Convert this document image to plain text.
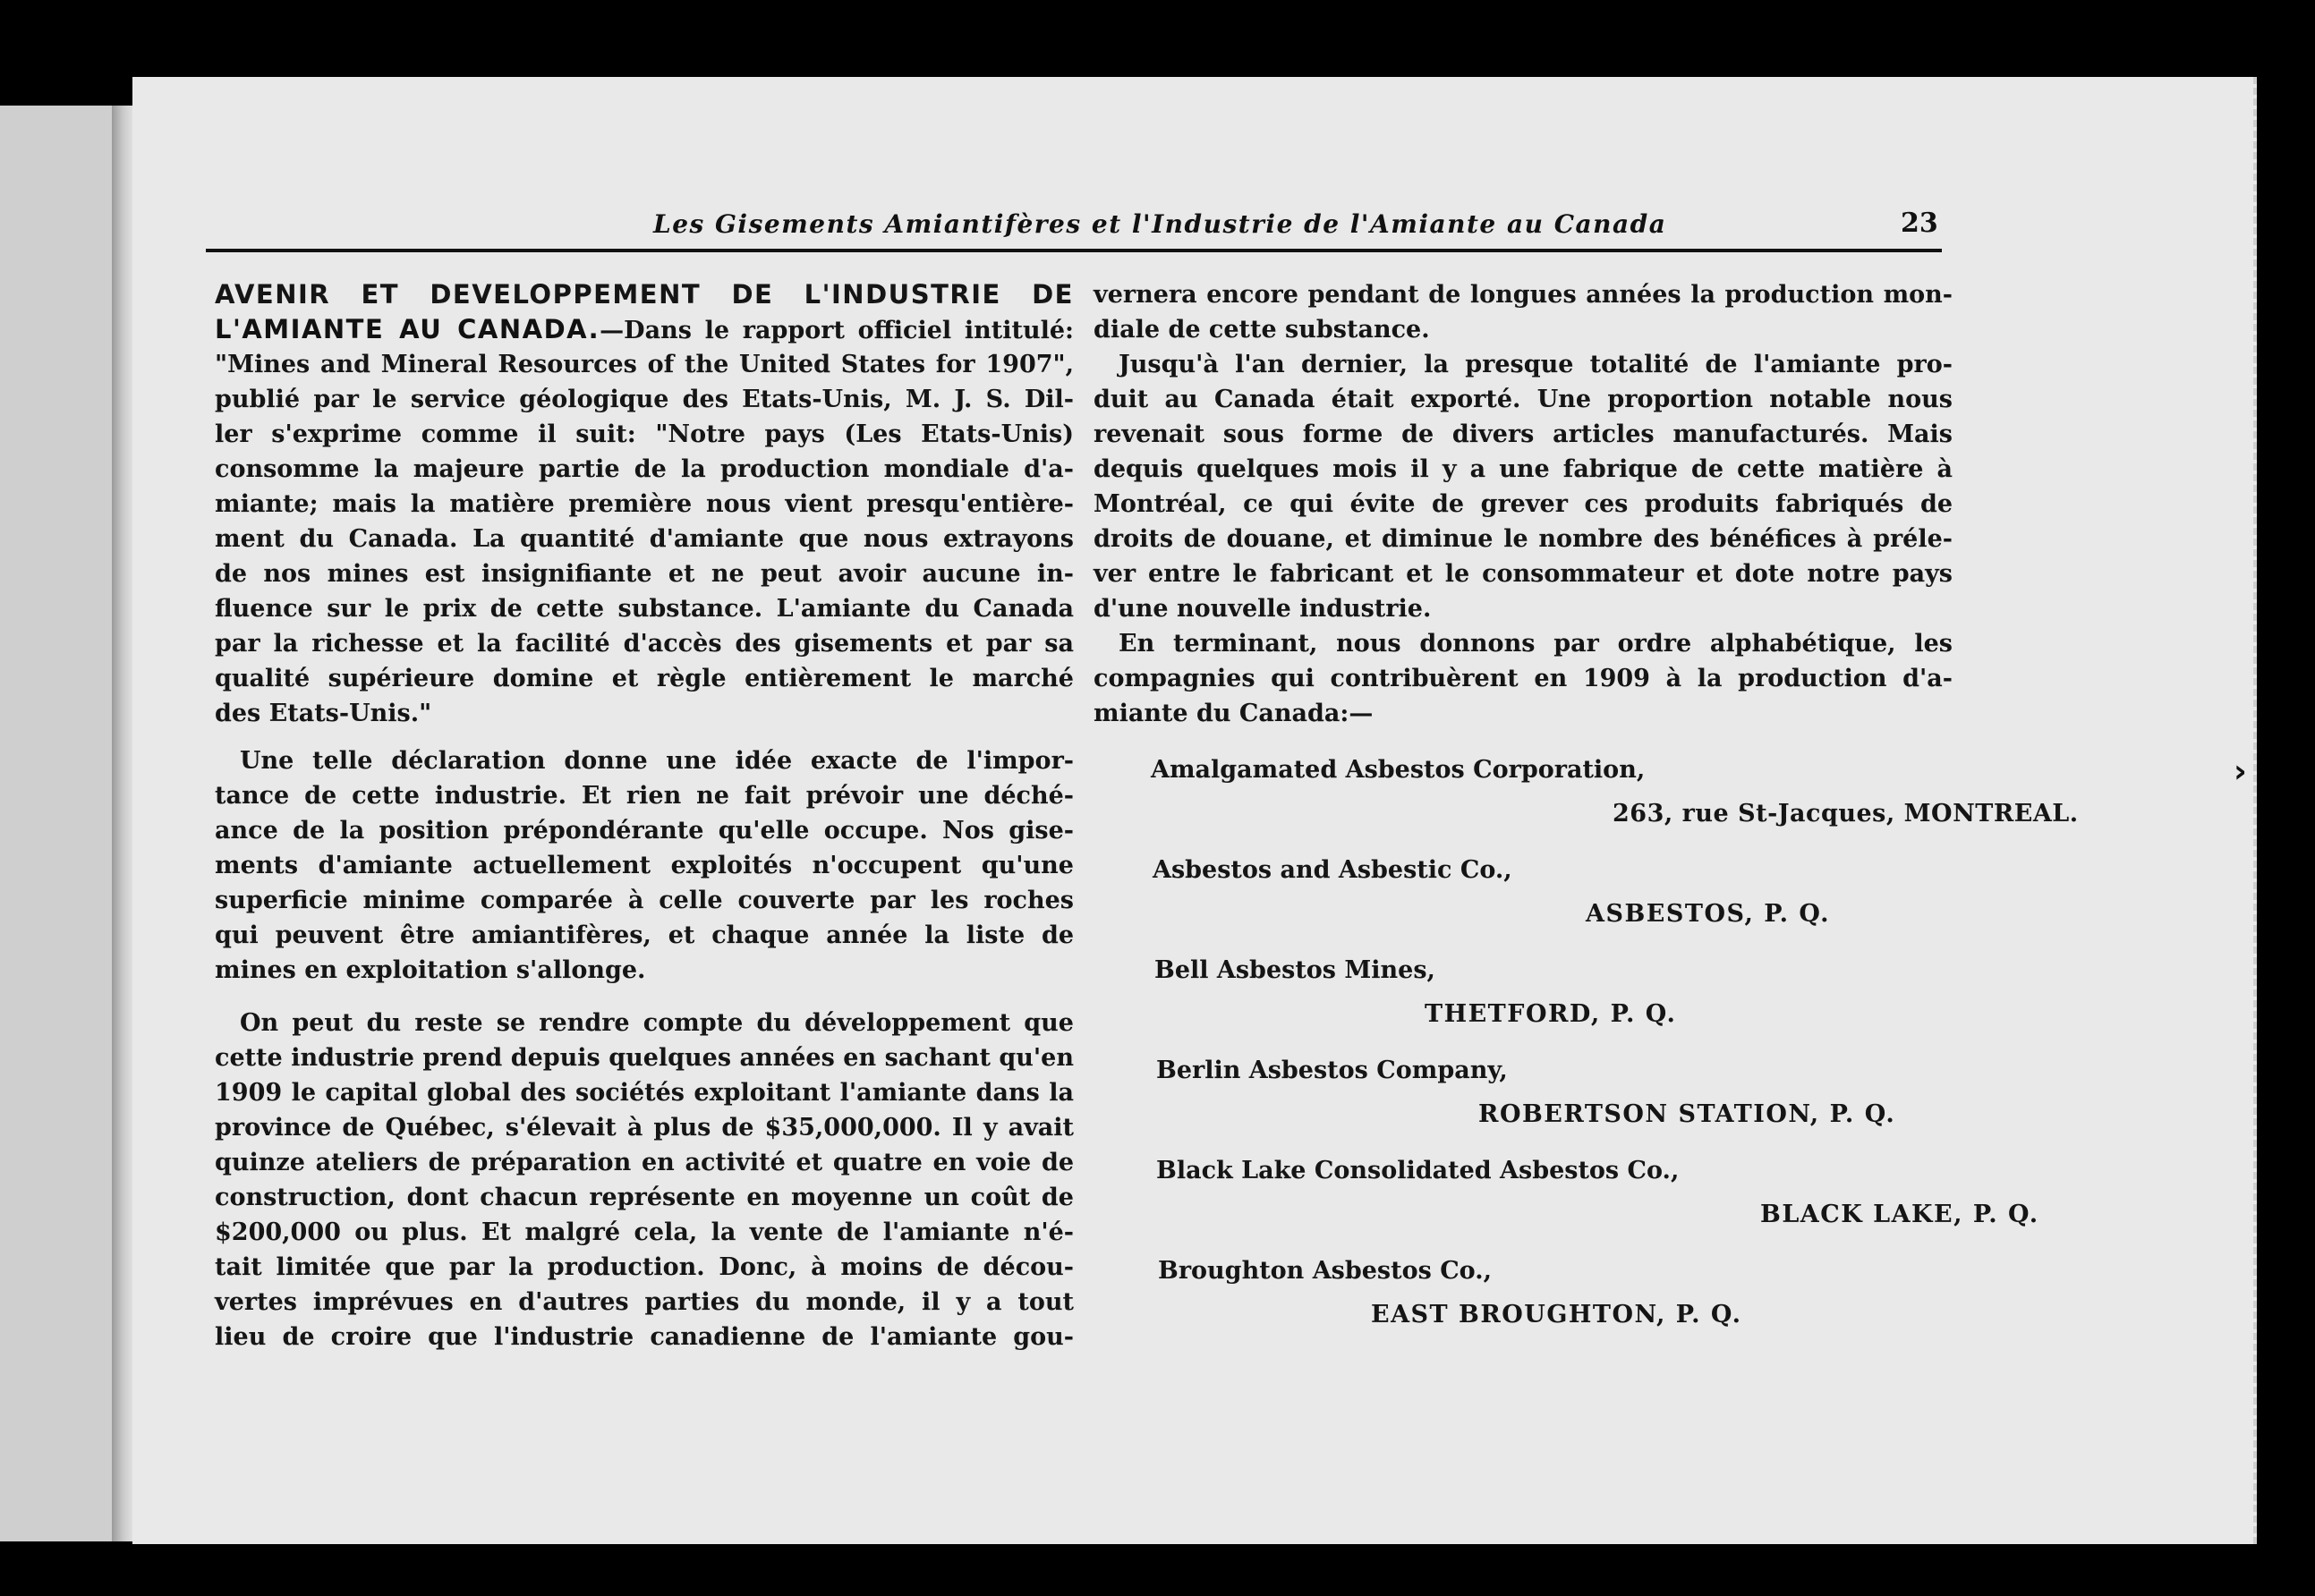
Les Gisements Amiantifères et l'Industrie de l'Amiante au Canada	23
AVENIR ET DEVELOPPEMENT DE L'INDUSTRIE DE
L'AMIANTE AU CANADA.—Dans le rapport officiel intitulé:
"Mines and Mineral Resources of the United States for 1907",
publié par le service géologique des Etats-Unis, M. J. S. Dil-
ler s'exprime comme il suit: "Notre pays (Les Etats-Unis)
consomme la majeure partie de la production mondiale d'a-
miante; mais la matière première nous vient presqu'entière-
ment du Canada. La quantité d'amiante que nous extrayons
de nos mines est insignifiante et ne peut avoir aucune in-
fluence sur le prix de cette substance. L'amiante du Canada
par la richesse et la facilité d'accès des gisements et par sa
qualité supérieure domine et règle entièrement le marché
des Etats-Unis."
Une telle déclaration donne une idée exacte de l'impor-
tance de cette industrie. Et rien ne fait prévoir une déché-
ance de la position prépondérante qu'elle occupe. Nos gise-
ments d'amiante actuellement exploités n'occupent qu'une
superficie minime comparée à celle couverte par les roches
qui peuvent être amiantifères, et chaque année la liste de
mines en exploitation s'allonge.
On peut du reste se rendre compte du développement que
cette industrie prend depuis quelques années en sachant qu'en
1909 le capital global des sociétés exploitant l'amiante dans la
province de Québec, s'élevait à plus de $35,000,000. Il y avait
quinze ateliers de préparation en activité et quatre en voie de
construction, dont chacun représente en moyenne un coût de
$200,000 ou plus. Et malgré cela, la vente de l'amiante n'é-
tait limitée que par la production. Donc, à moins de décou-
vertes imprévues en d'autres parties du monde, il y a tout
lieu de croire que l'industrie canadienne de l'amiante gou-
vernera encore pendant de longues années la production mon-
diale de cette substance.
Jusqu'à l'an dernier, la presque totalité de l'amiante pro-
duit au Canada était exporté. Une proportion notable nous
revenait sous forme de divers articles manufacturés. Mais
dequis quelques mois il y a une fabrique de cette matière à
Montréal, ce qui évite de grever ces produits fabriqués de
droits de douane, et diminue le nombre des bénéfices à préle-
ver entre le fabricant et le consommateur et dote notre pays
d'une nouvelle industrie.
En terminant, nous donnons par ordre alphabétique, les
compagnies qui contribuèrent en 1909 à la production d'a-
miante du Canada:—
Amalgamated Asbestos Corporation,
263, rue St-Jacques, MONTREAL.
Asbestos and Asbestic Co.,
ASBESTOS, P. Q.
Bell Asbestos Mines,
THETFORD, P. Q.
Berlin Asbestos Company,
ROBERTSON STATION, P. Q.
Black Lake Consolidated Asbestos Co.,
BLACK LAKE, P. Q.
Broughton Asbestos Co.,
EAST BROUGHTON, P. Q.
›
